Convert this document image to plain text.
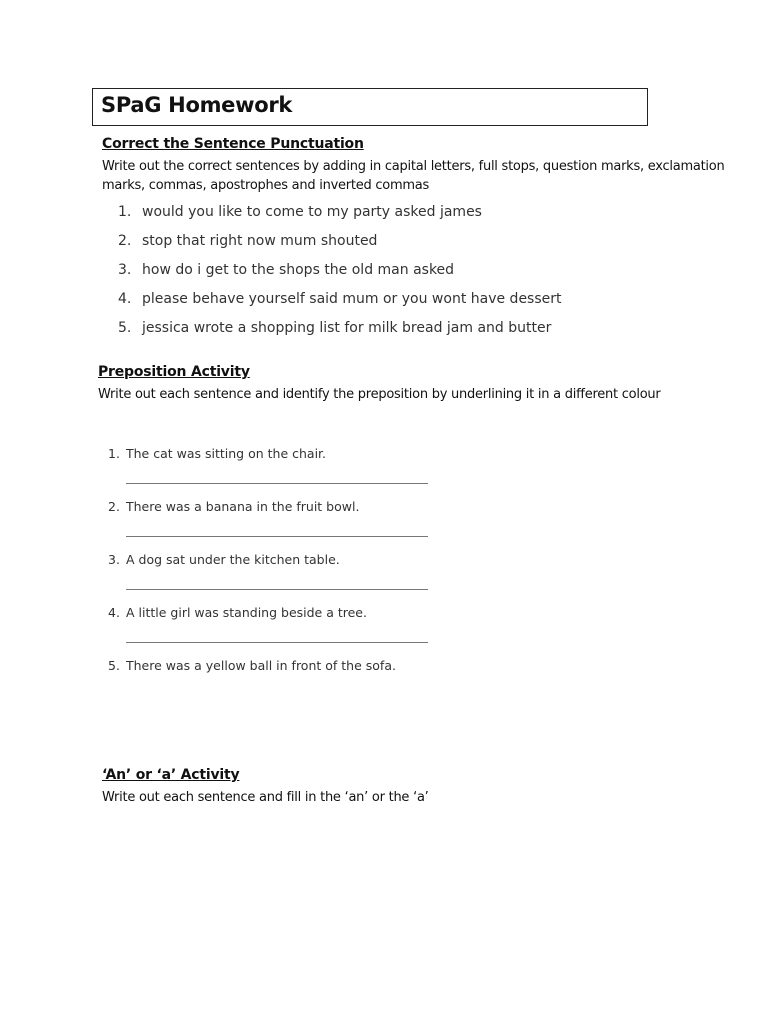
SPaG Homework
Correct the Sentence Punctuation
Write out the correct sentences by adding in capital letters, full stops, question marks, exclamation
marks, commas, apostrophes and inverted commas
1. would you like to come to my party asked james
2. stop that right now mum shouted
3. how do i get to the shops the old man asked
4. please behave yourself said mum or you wont have dessert
5. jessica wrote a shopping list for milk bread jam and butter
Preposition Activity
Write out each sentence and identify the preposition by underlining it in a different colour
1. The cat was sitting on the chair.
2. There was a banana in the fruit bowl.
3. A dog sat under the kitchen table.
4. A little girl was standing beside a tree.
5. There was a yellow ball in front of the sofa.
‘An’ or ‘a’ Activity
Write out each sentence and fill in the ‘an’ or the ‘a’
